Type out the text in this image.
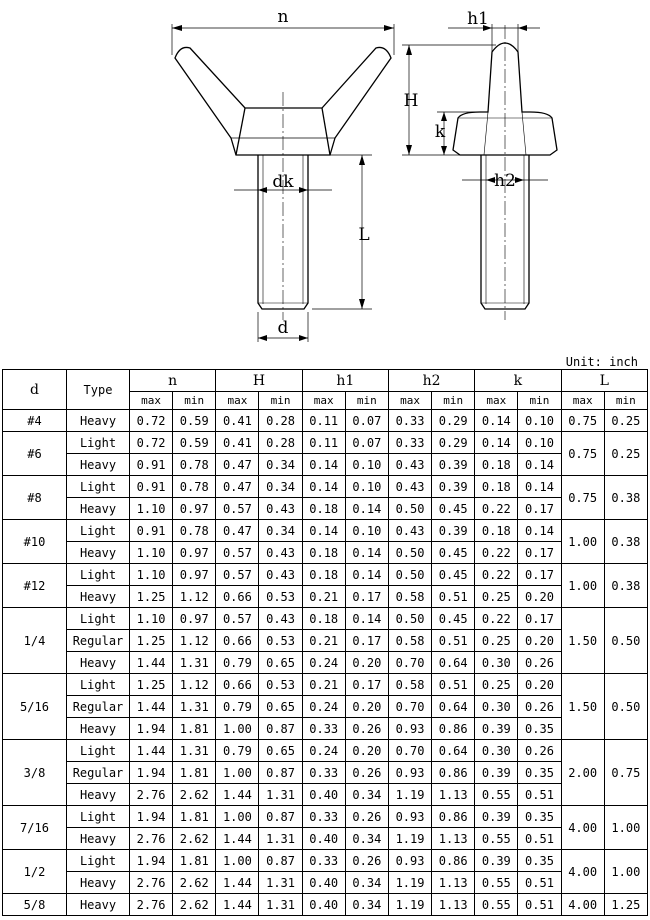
n	h1
H
k
dk
L
d
h2
Unit: inch
d	Type	n		H		h1		h2		k		L	
		max	min	max	min	max	min	max	min	max	min	max	min
#4	Heavy	0.72	0.59	0.41	0.28	0.11	0.07	0.33	0.29	0.14	0.10	0.75	0.25
#6	Light	0.72	0.59	0.41	0.28	0.11	0.07	0.33	0.29	0.14	0.10	0.75	0.25
	Heavy	0.91	0.78	0.47	0.34	0.14	0.10	0.43	0.39	0.18	0.14		
#8	Light	0.91	0.78	0.47	0.34	0.14	0.10	0.43	0.39	0.18	0.14	0.75	0.38
	Heavy	1.10	0.97	0.57	0.43	0.18	0.14	0.50	0.45	0.22	0.17		
#10	Light	0.91	0.78	0.47	0.34	0.14	0.10	0.43	0.39	0.18	0.14	1.00	0.38
	Heavy	1.10	0.97	0.57	0.43	0.18	0.14	0.50	0.45	0.22	0.17		
#12	Light	1.10	0.97	0.57	0.43	0.18	0.14	0.50	0.45	0.22	0.17	1.00	0.38
	Heavy	1.25	1.12	0.66	0.53	0.21	0.17	0.58	0.51	0.25	0.20		
1/4	Light	1.10	0.97	0.57	0.43	0.18	0.14	0.50	0.45	0.22	0.17	1.50	0.50
	Regular	1.25	1.12	0.66	0.53	0.21	0.17	0.58	0.51	0.25	0.20		
	Heavy	1.44	1.31	0.79	0.65	0.24	0.20	0.70	0.64	0.30	0.26		
5/16	Light	1.25	1.12	0.66	0.53	0.21	0.17	0.58	0.51	0.25	0.20	1.50	0.50
	Regular	1.44	1.31	0.79	0.65	0.24	0.20	0.70	0.64	0.30	0.26		
	Heavy	1.94	1.81	1.00	0.87	0.33	0.26	0.93	0.86	0.39	0.35		
3/8	Light	1.44	1.31	0.79	0.65	0.24	0.20	0.70	0.64	0.30	0.26	2.00	0.75
	Regular	1.94	1.81	1.00	0.87	0.33	0.26	0.93	0.86	0.39	0.35		
	Heavy	2.76	2.62	1.44	1.31	0.40	0.34	1.19	1.13	0.55	0.51		
7/16	Light	1.94	1.81	1.00	0.87	0.33	0.26	0.93	0.86	0.39	0.35	4.00	1.00
	Heavy	2.76	2.62	1.44	1.31	0.40	0.34	1.19	1.13	0.55	0.51		
1/2	Light	1.94	1.81	1.00	0.87	0.33	0.26	0.93	0.86	0.39	0.35	4.00	1.00
	Heavy	2.76	2.62	1.44	1.31	0.40	0.34	1.19	1.13	0.55	0.51		
5/8	Heavy	2.76	2.62	1.44	1.31	0.40	0.34	1.19	1.13	0.55	0.51	4.00	1.25
